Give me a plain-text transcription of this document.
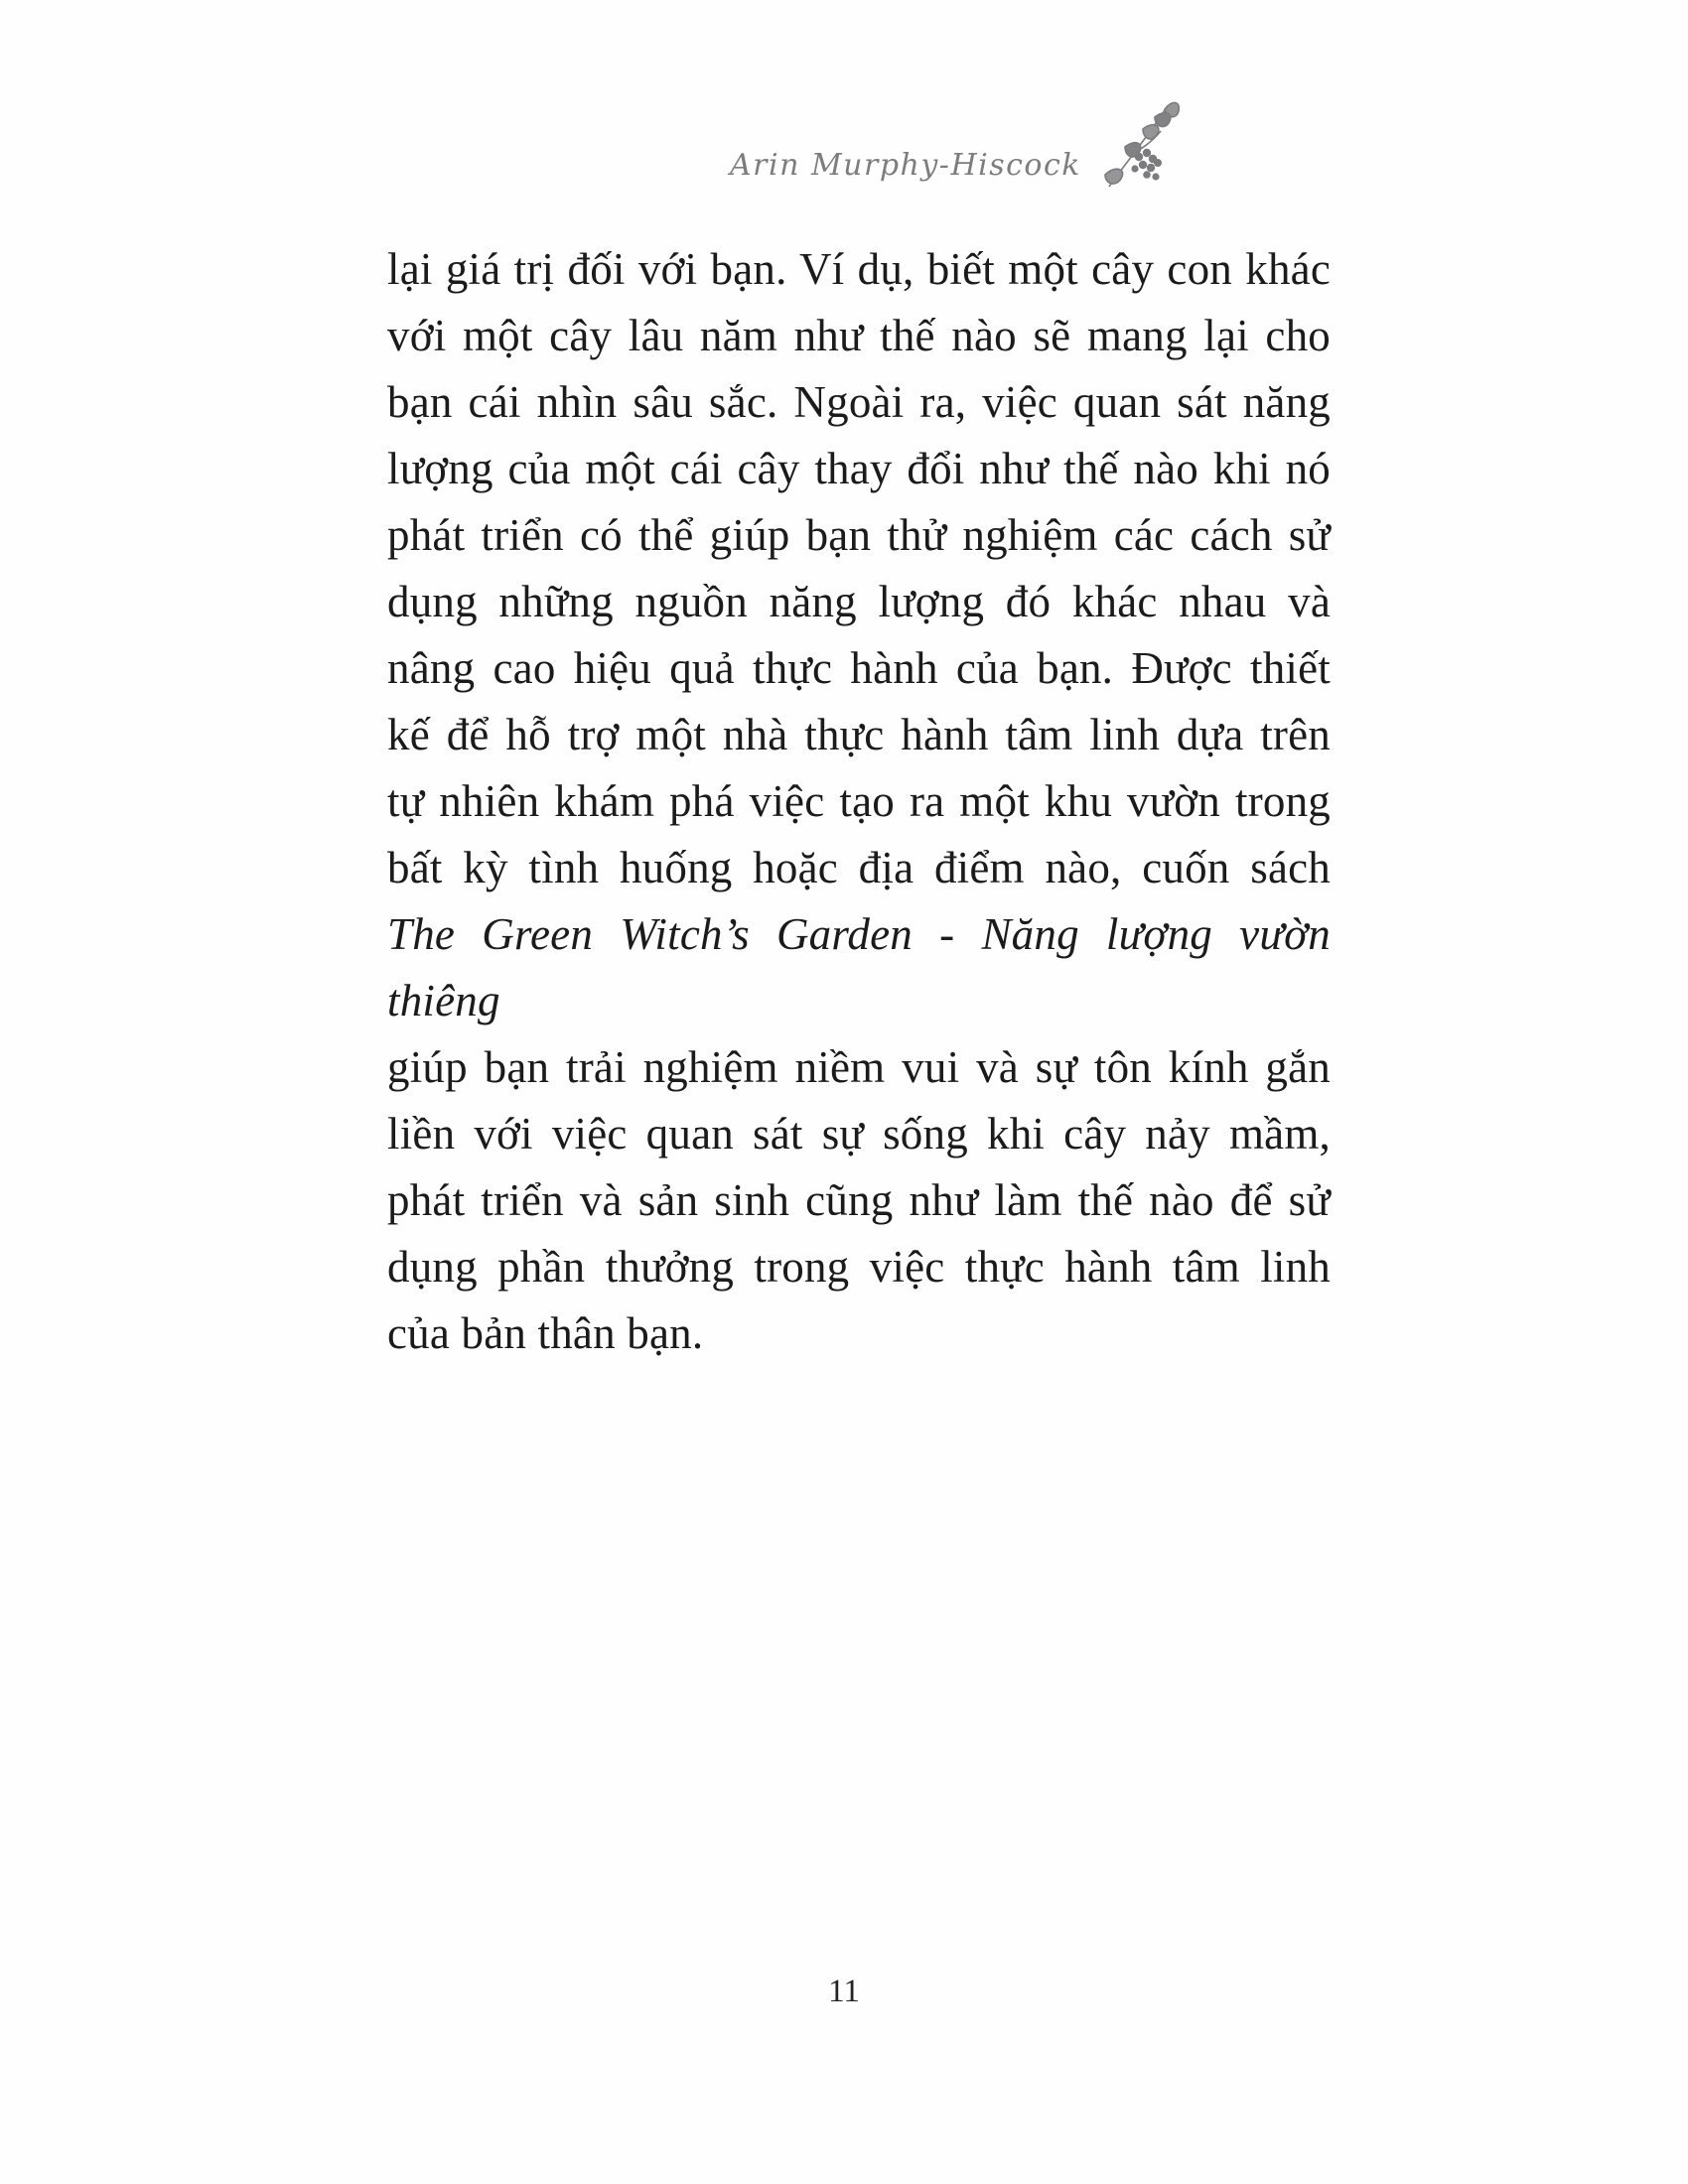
Arin Murphy-Hiscock
lại giá trị đối với bạn. Ví dụ, biết một cây con khác
với một cây lâu năm như thế nào sẽ mang lại cho
bạn cái nhìn sâu sắc. Ngoài ra, việc quan sát năng
lượng của một cái cây thay đổi như thế nào khi nó
phát triển có thể giúp bạn thử nghiệm các cách sử
dụng những nguồn năng lượng đó khác nhau và
nâng cao hiệu quả thực hành của bạn. Được thiết
kế để hỗ trợ một nhà thực hành tâm linh dựa trên
tự nhiên khám phá việc tạo ra một khu vườn trong
bất kỳ tình huống hoặc địa điểm nào, cuốn sách
The Green Witch’s Garden - Năng lượng vườn thiêng
giúp bạn trải nghiệm niềm vui và sự tôn kính gắn
liền với việc quan sát sự sống khi cây nảy mầm,
phát triển và sản sinh cũng như làm thế nào để sử
dụng phần thưởng trong việc thực hành tâm linh
của bản thân bạn.
11
